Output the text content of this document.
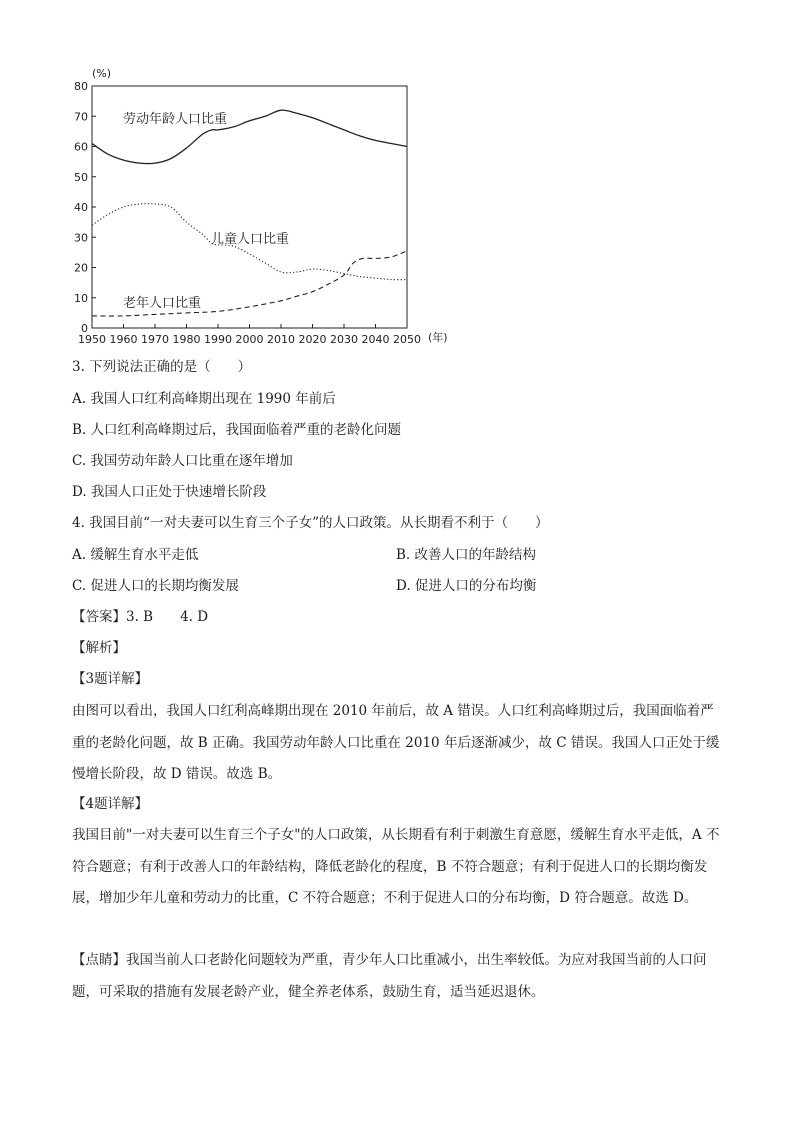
(%)
(年)
0
10
20
30
40
50
60
70
80
1950 1960 1970 1980 1990 2000 2010 2020 2030 2040 2050
劳动年龄人口比重
儿童人口比重
老年人口比重
3. 下列说法正确的是（　　）
A. 我国人口红利高峰期出现在 1990 年前后
B. 人口红利高峰期过后，我国面临着严重的老龄化问题
C. 我国劳动年龄人口比重在逐年增加
D. 我国人口正处于快速增长阶段
4. 我国目前“一对夫妻可以生育三个子女”的人口政策。从长期看不利于（　　）
A. 缓解生育水平走低	B. 改善人口的年龄结构
C. 促进人口的长期均衡发展	D. 促进人口的分布均衡
【答案】3. B　　4. D
【解析】
【3题详解】
由图可以看出，我国人口红利高峰期出现在 2010 年前后，故 A 错误。人口红利高峰期过后，我国面临着严重的老龄化问题，故 B 正确。我国劳动年龄人口比重在 2010 年后逐渐减少，故 C 错误。我国人口正处于缓慢增长阶段，故 D 错误。故选 B。
【4题详解】
我国目前"一对夫妻可以生育三个子女"的人口政策，从长期看有利于刺激生育意愿，缓解生育水平走低，A 不符合题意；有利于改善人口的年龄结构，降低老龄化的程度，B 不符合题意；有利于促进人口的长期均衡发展，增加少年儿童和劳动力的比重，C 不符合题意；不利于促进人口的分布均衡，D 符合题意。故选 D。
【点睛】我国当前人口老龄化问题较为严重，青少年人口比重减小，出生率较低。为应对我国当前的人口问题，可采取的措施有发展老龄产业，健全养老体系，鼓励生育，适当延迟退休。
